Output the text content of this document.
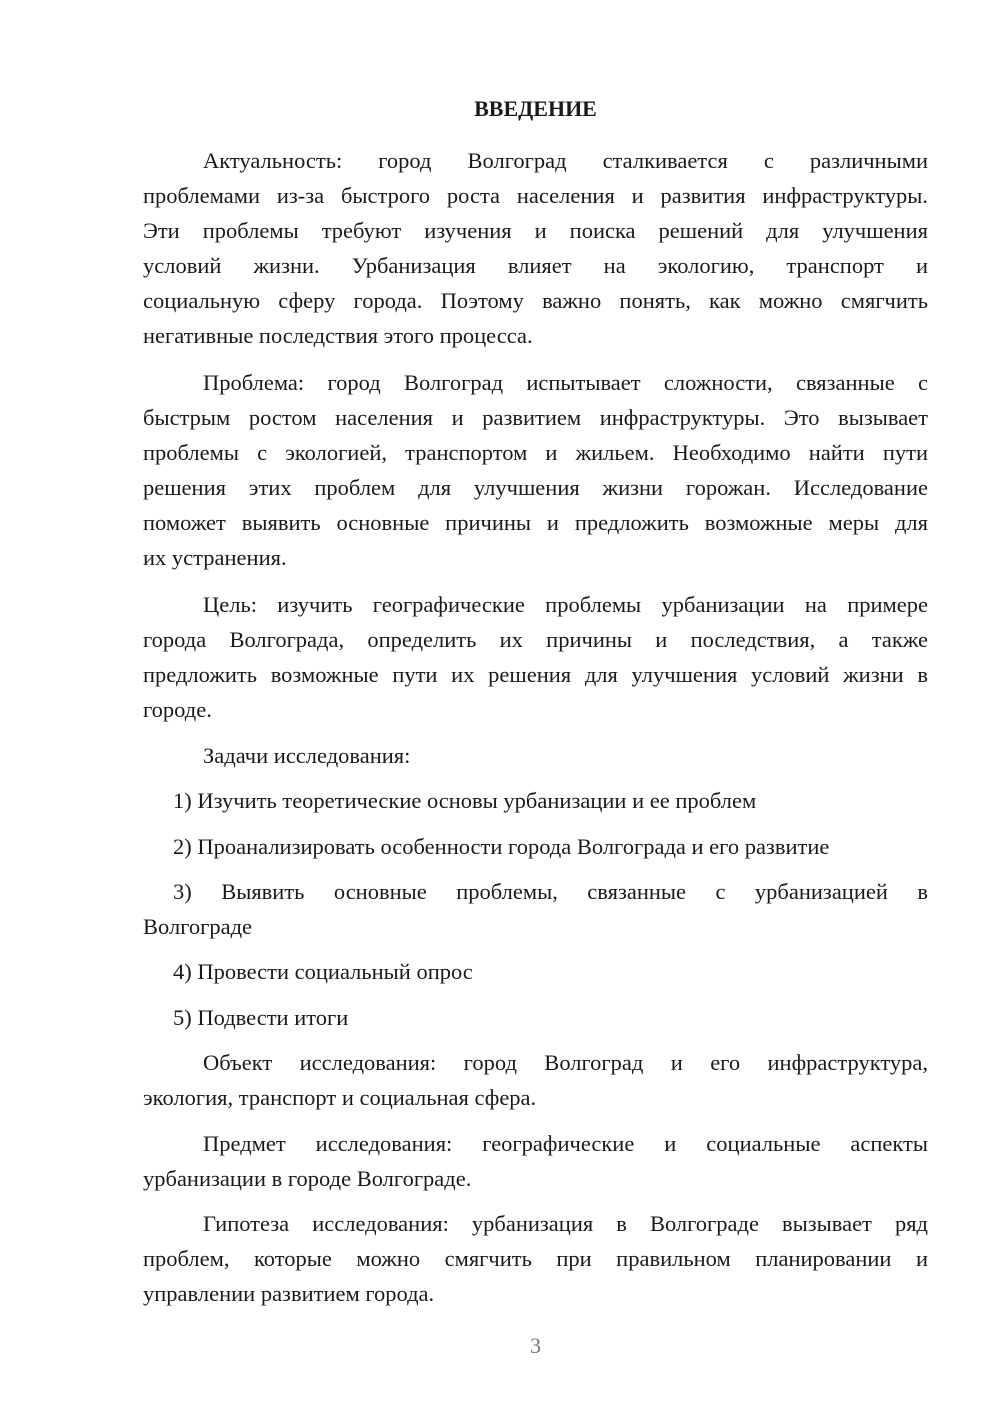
ВВЕДЕНИЕ
Актуальность: город Волгоград сталкивается с различными
проблемами из-за быстрого роста населения и развития инфраструктуры.
Эти проблемы требуют изучения и поиска решений для улучшения
условий жизни. Урбанизация влияет на экологию, транспорт и
социальную сферу города. Поэтому важно понять, как можно смягчить
негативные последствия этого процесса.
Проблема: город Волгоград испытывает сложности, связанные с
быстрым ростом населения и развитием инфраструктуры. Это вызывает
проблемы с экологией, транспортом и жильем. Необходимо найти пути
решения этих проблем для улучшения жизни горожан. Исследование
поможет выявить основные причины и предложить возможные меры для
их устранения.
Цель: изучить географические проблемы урбанизации на примере
города Волгограда, определить их причины и последствия, а также
предложить возможные пути их решения для улучшения условий жизни в
городе.
Задачи исследования:
1) Изучить теоретические основы урбанизации и ее проблем
2) Проанализировать особенности города Волгограда и его развитие
3) Выявить основные проблемы, связанные с урбанизацией в
Волгограде
4) Провести социальный опрос
5) Подвести итоги
Объект исследования: город Волгоград и его инфраструктура,
экология, транспорт и социальная сфера.
Предмет исследования: географические и социальные аспекты
урбанизации в городе Волгограде.
Гипотеза исследования: урбанизация в Волгограде вызывает ряд
проблем, которые можно смягчить при правильном планировании и
управлении развитием города.
3
